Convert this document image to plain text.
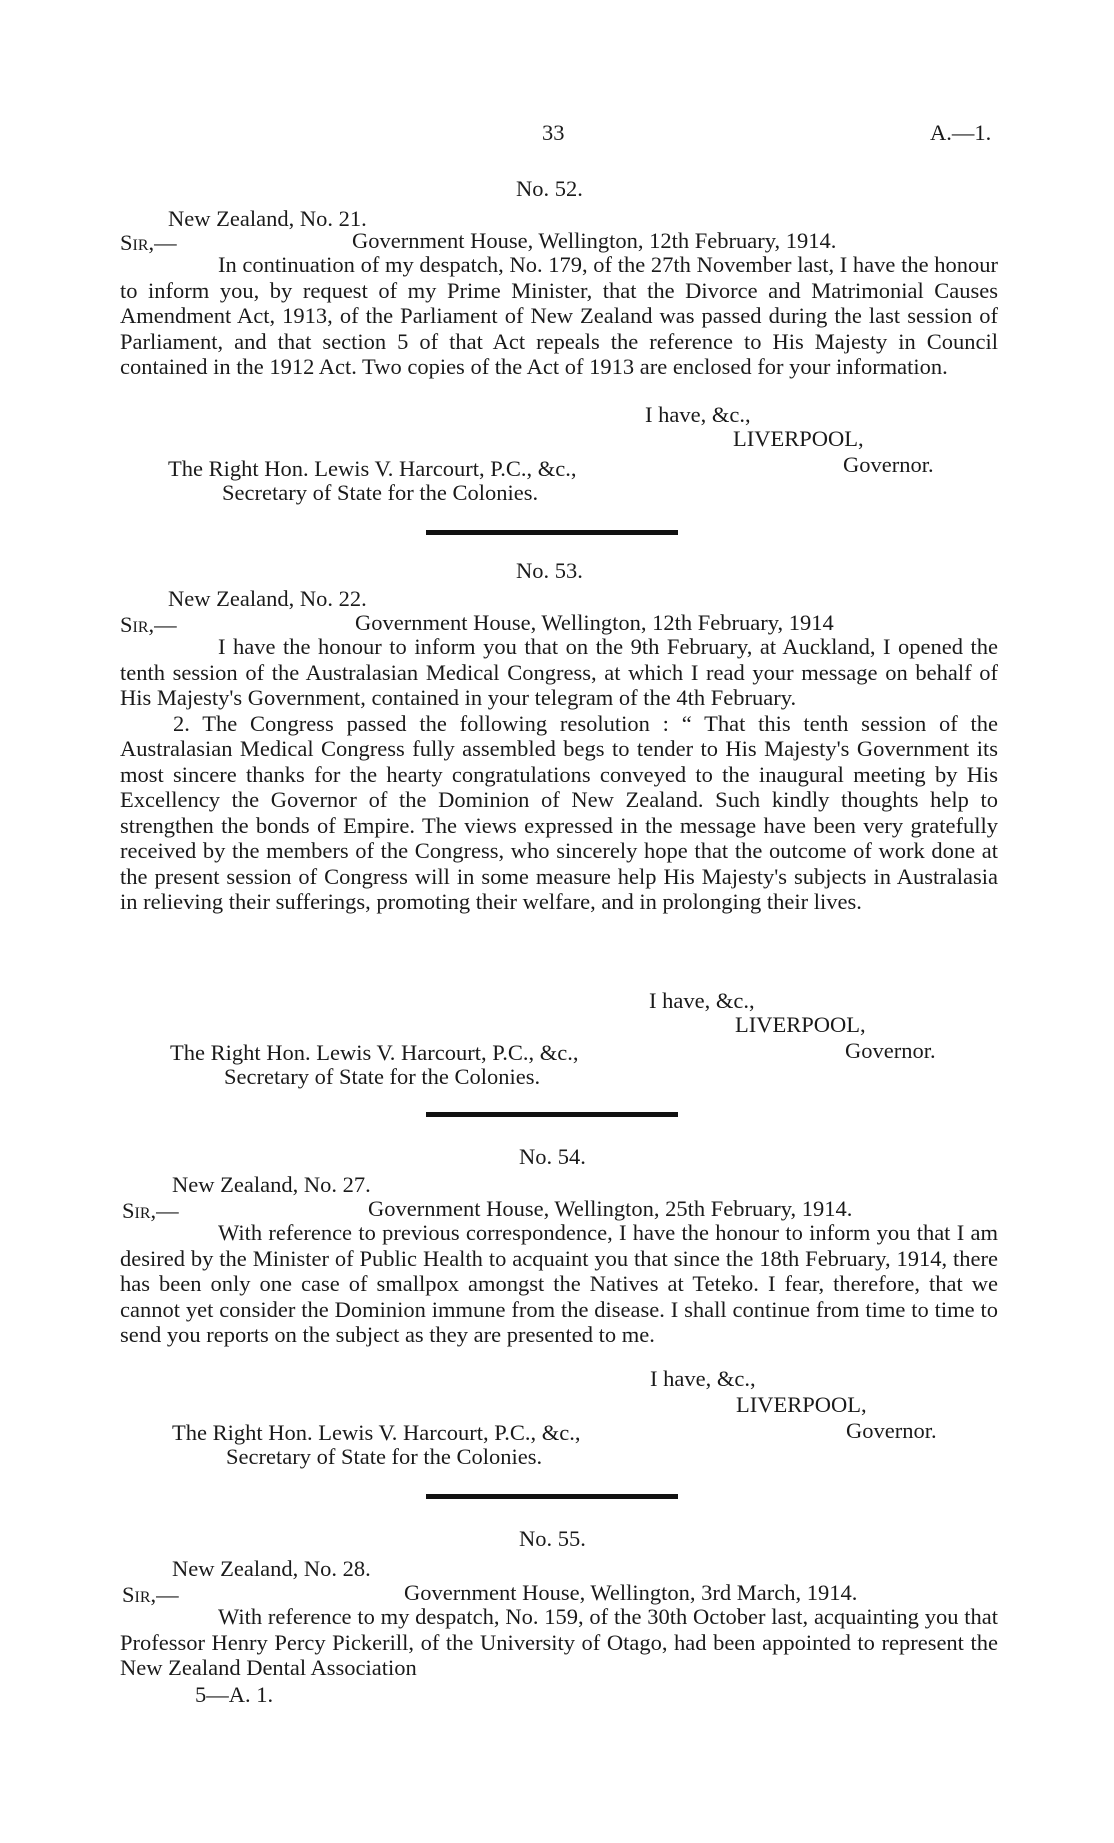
33	A.—1.
No. 52.
New Zealand, No. 21.
Sir,—	Government House, Wellington, 12th February, 1914.

In continuation of my despatch, No. 179, of the 27th November last, I have the honour to inform you, by request of my Prime Minister, that the Divorce and Matrimonial Causes Amendment Act, 1913, of the Parliament of New Zealand was passed during the last session of Parliament, and that section 5 of that Act repeals the reference to His Majesty in Council contained in the 1912 Act. Two copies of the Act of 1913 are enclosed for your information.

I have, &c.,
LIVERPOOL,
Governor.
The Right Hon. Lewis V. Harcourt, P.C., &c.,
Secretary of State for the Colonies.
No. 53.
New Zealand, No. 22.
Sir,—	Government House, Wellington, 12th February, 1914

I have the honour to inform you that on the 9th February, at Auckland, I opened the tenth session of the Australasian Medical Congress, at which I read your message on behalf of His Majesty's Government, contained in your telegram of the 4th February.

2. The Congress passed the following resolution : “ That this tenth session of the Australasian Medical Congress fully assembled begs to tender to His Majesty's Government its most sincere thanks for the hearty congratulations conveyed to the inaugural meeting by His Excellency the Governor of the Dominion of New Zealand. Such kindly thoughts help to strengthen the bonds of Empire. The views expressed in the message have been very gratefully received by the members of the Congress, who sincerely hope that the outcome of work done at the present session of Congress will in some measure help His Majesty's subjects in Australasia in relieving their sufferings, promoting their welfare, and in prolonging their lives.

I have, &c.,
LIVERPOOL,
Governor.
The Right Hon. Lewis V. Harcourt, P.C., &c.,
Secretary of State for the Colonies.
No. 54.
New Zealand, No. 27.
Sir,—	Government House, Wellington, 25th February, 1914.

With reference to previous correspondence, I have the honour to inform you that I am desired by the Minister of Public Health to acquaint you that since the 18th February, 1914, there has been only one case of smallpox amongst the Natives at Teteko. I fear, therefore, that we cannot yet consider the Dominion immune from the disease. I shall continue from time to time to send you reports on the subject as they are presented to me.

I have, &c.,
LIVERPOOL,
Governor.
The Right Hon. Lewis V. Harcourt, P.C., &c.,
Secretary of State for the Colonies.
No. 55.
New Zealand, No. 28.
Sir,—	Government House, Wellington, 3rd March, 1914.

With reference to my despatch, No. 159, of the 30th October last, acquainting you that Professor Henry Percy Pickerill, of the University of Otago, had been appointed to represent the New Zealand Dental Association

5—A. 1.
